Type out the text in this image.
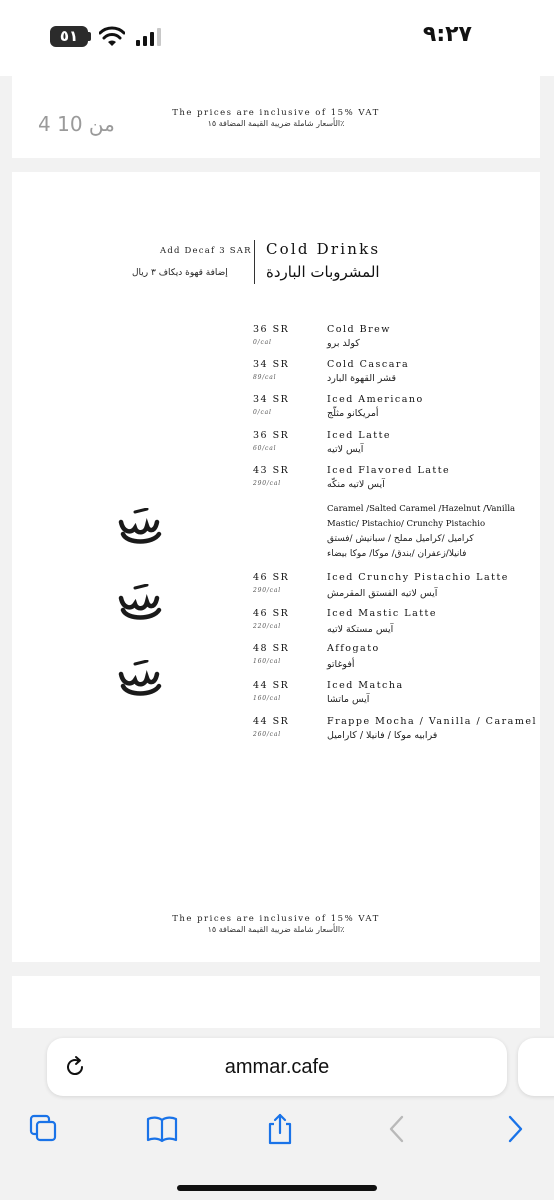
٥١	٩:٢٧
4 من 10	The prices are inclusive of 15% VAT
الأسعار شاملة ضريبة القيمة المضافة ١٥٪
Add Decaf 3 SAR
إضافة قهوة ديكاف ٣ ريال
Cold Drinks
المشروبات الباردة
36 SR
0/cal
Cold Brew
كولد برو
34 SR
89/cal
Cold Cascara
قشر القهوة البارد
34 SR
0/cal
Iced Americano
أمريكانو مثلّج
36 SR
60/cal
Iced Latte
آيس لاتيه
43 SR
290/cal
Iced Flavored Latte
آيس لاتيه منكّه
Caramel /Salted Caramel /Hazelnut /Vanilla
Mastic/ Pistachio/ Crunchy Pistachio
كراميل /كراميل مملح / سبانيش /فستق
فانيلا/زعفران /بندق/ موكا/ موكا بيضاء
46 SR
290/cal
Iced Crunchy Pistachio Latte
آيس لاتيه الفستق المقرمش
46 SR
220/cal
Iced Mastic Latte
آيس مستكة لاتيه
48 SR
160/cal
Affogato
أفوغاتو
44 SR
160/cal
Iced Matcha
آيس ماتشا
44 SR
260/cal
Frappe Mocha / Vanilla / Caramel
فرابيه موكا / فانيلا / كاراميل
The prices are inclusive of 15% VAT
الأسعار شاملة ضريبة القيمة المضافة ١٥٪
ammar.cafe
